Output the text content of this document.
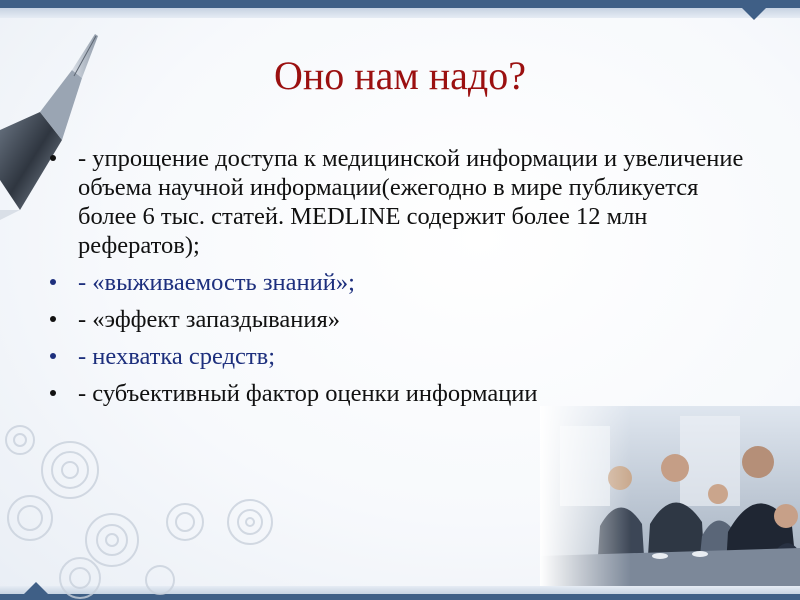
Оно нам надо?
- упрощение доступа к медицинской информации и увеличение объема научной информации(ежегодно в мире публикуется более 6 тыс. статей. MEDLINE содержит более 12 млн рефератов);
- «выживаемость знаний»;
- «эффект запаздывания»
- нехватка средств;
- субъективный фактор оценки информации
